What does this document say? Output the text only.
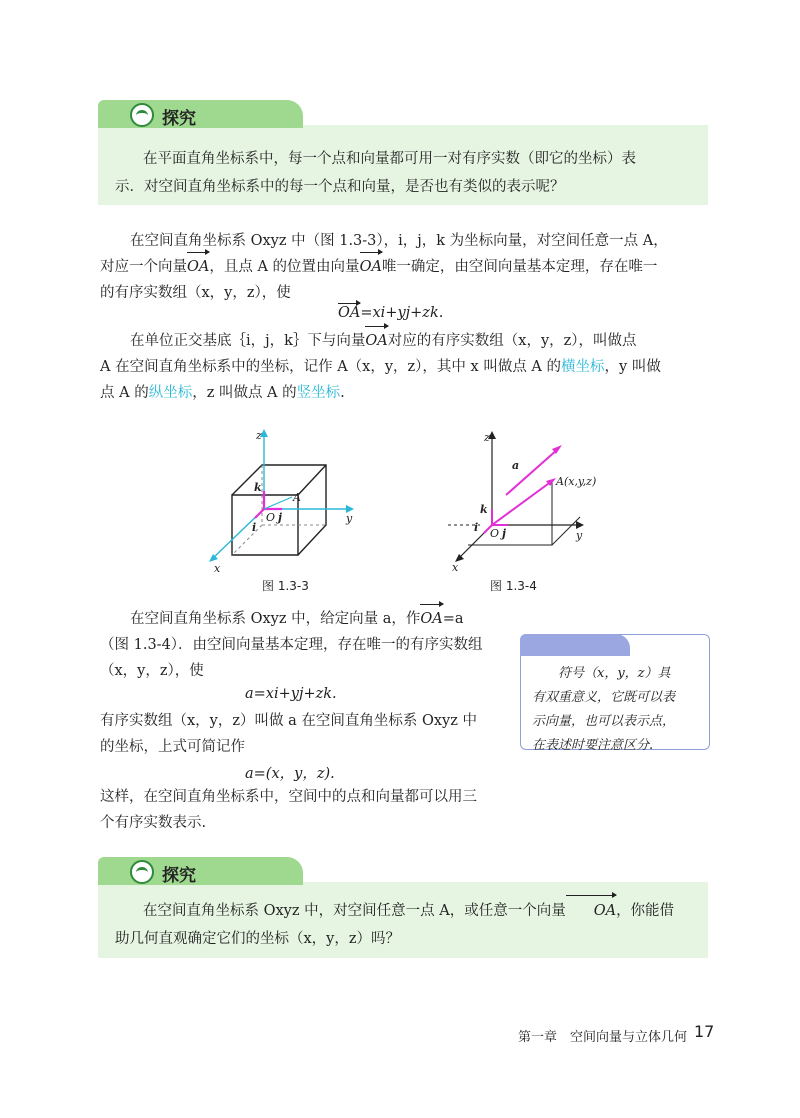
探究
在平面直角坐标系中，每一个点和向量都可用一对有序实数（即它的坐标）表
示．对空间直角坐标系中的每一个点和向量，是否也有类似的表示呢？
在空间直角坐标系 Oxyz 中（图 1.3-3），i，j，k 为坐标向量，对空间任意一点 A，
对应一个向量OA，且点 A 的位置由向量OA唯一确定，由空间向量基本定理，存在唯一
的有序实数组（x，y，z），使
OA=xi+yj+zk.
在单位正交基底｛i，j，k｝下与向量OA对应的有序实数组（x，y，z），叫做点
A 在空间直角坐标系中的坐标，记作 A（x，y，z），其中 x 叫做点 A 的横坐标，y 叫做
点 A 的纵坐标，z 叫做点 A 的竖坐标.
z
y
x
k
i
j
O
A
图 1.3-3
z
y
x
a
A(x,y,z)
k
i O j
图 1.3-4
在空间直角坐标系 Oxyz 中，给定向量 a，作OA=a
（图 1.3-4）．由空间向量基本定理，存在唯一的有序实数组
（x，y，z），使
a=xi+yj+zk.
有序实数组（x，y，z）叫做 a 在空间直角坐标系 Oxyz 中
的坐标，上式可简记作
a=(x，y，z).
这样，在空间直角坐标系中，空间中的点和向量都可以用三
个有序实数表示.
符号（x，y，z）具
有双重意义，它既可以表
示向量，也可以表示点，
在表述时要注意区分.
探究
在空间直角坐标系 Oxyz 中，对空间任意一点 A，或任意一个向量 OA，你能借
助几何直观确定它们的坐标（x，y，z）吗？
第一章　空间向量与立体几何 17
